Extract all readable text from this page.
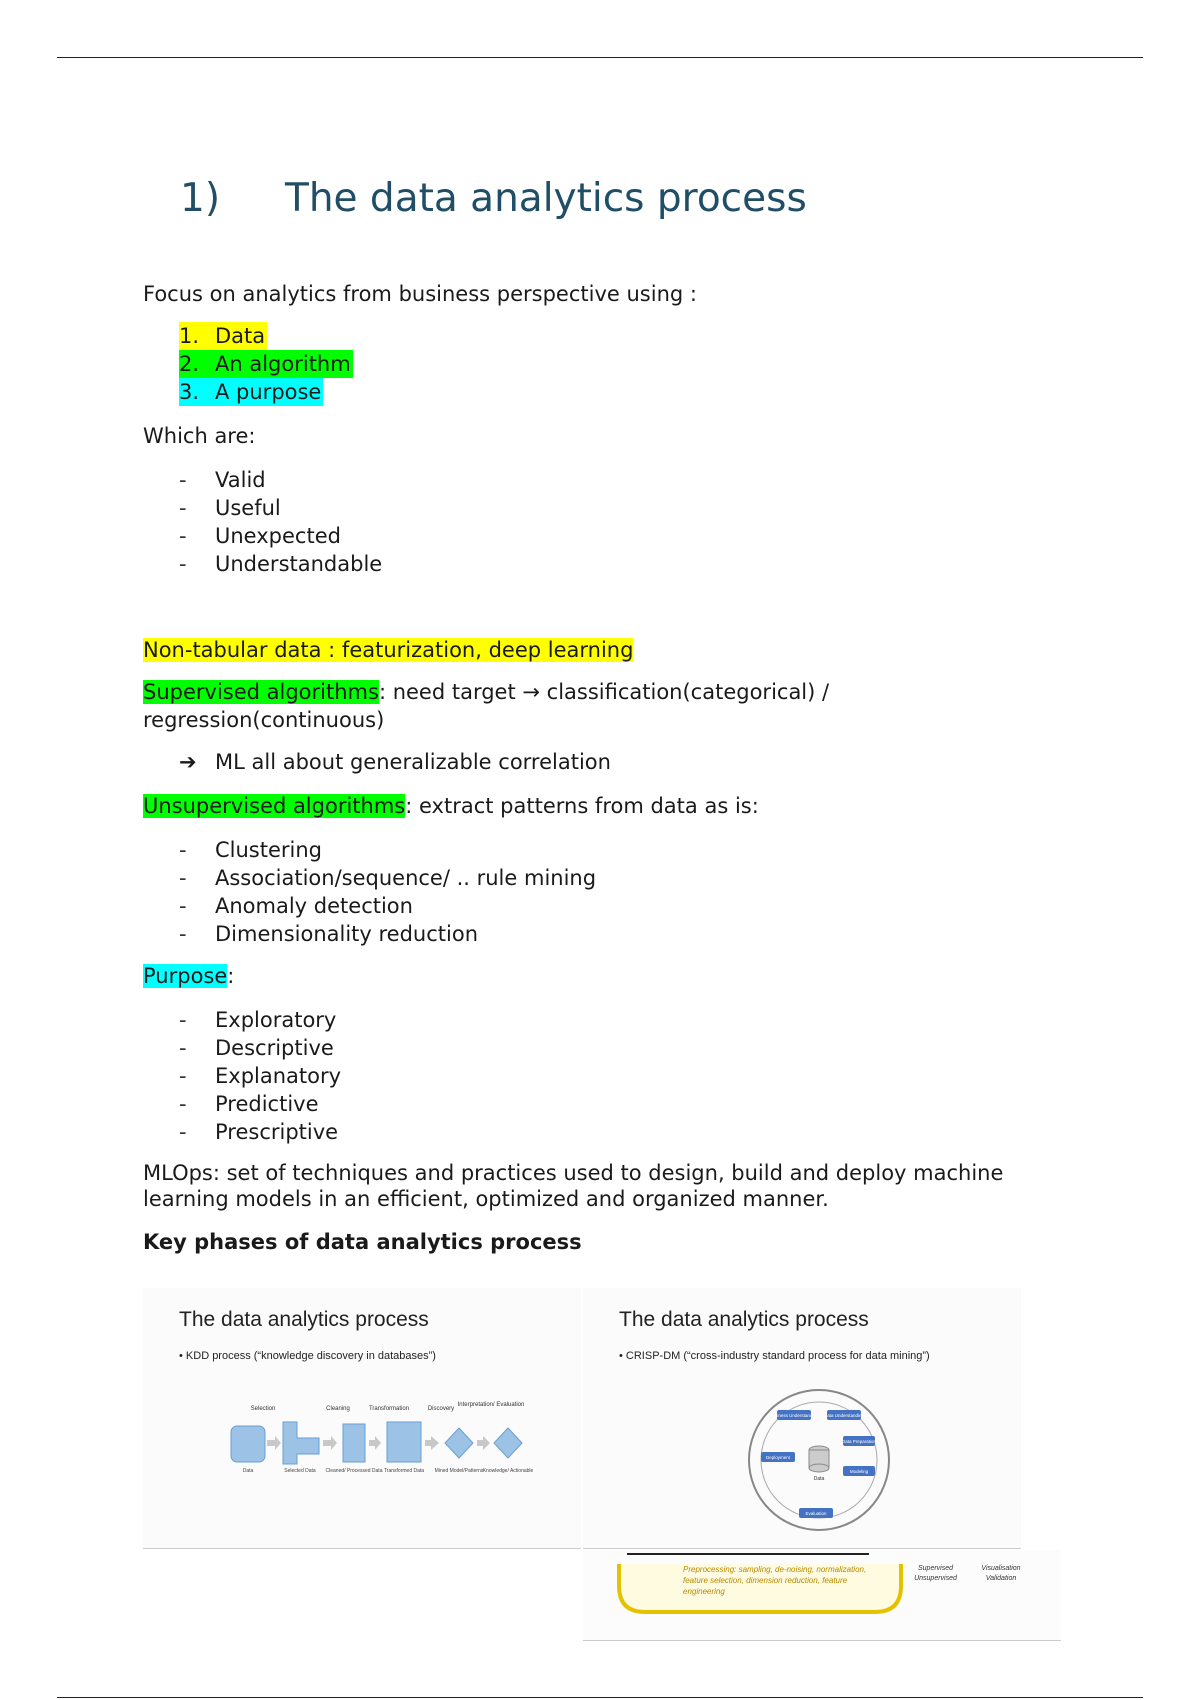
1) The data analytics process

Focus on analytics from business perspective using :

1. Data
2. An algorithm
3. A purpose

Which are:

- Valid
- Useful
- Unexpected
- Understandable

Non-tabular data : featurization, deep learning

Supervised algorithms: need target → classification(categorical) / regression(continuous)

➔ ML all about generalizable correlation

Unsupervised algorithms: extract patterns from data as is:

- Clustering
- Association/sequence/ .. rule mining
- Anomaly detection
- Dimensionality reduction

Purpose:

- Exploratory
- Descriptive
- Explanatory
- Predictive
- Prescriptive

MLOps: set of techniques and practices used to design, build and deploy machine learning models in an efficient, optimized and organized manner.

Key phases of data analytics process

The data analytics process
• KDD process (“knowledge discovery in databases”)
Selection	Cleaning	Transformation	Discovery
Interpretation/ Evaluation
Data	Selected Data Cleaned/ Processed Data Transformed Data Mined Model/Patterns Knowledge/ Actionable
The data analytics process
• CRISP-DM (“cross-industry standard process for data mining”)
Data
Business Understanding Data Understanding
Data Preparation
Modeling
Evaluation
Deployment
Preprocessing: sampling, de-noising, normalization, feature selection, dimension reduction, feature engineering
Supervised Unsupervised
Visualisation Validation
